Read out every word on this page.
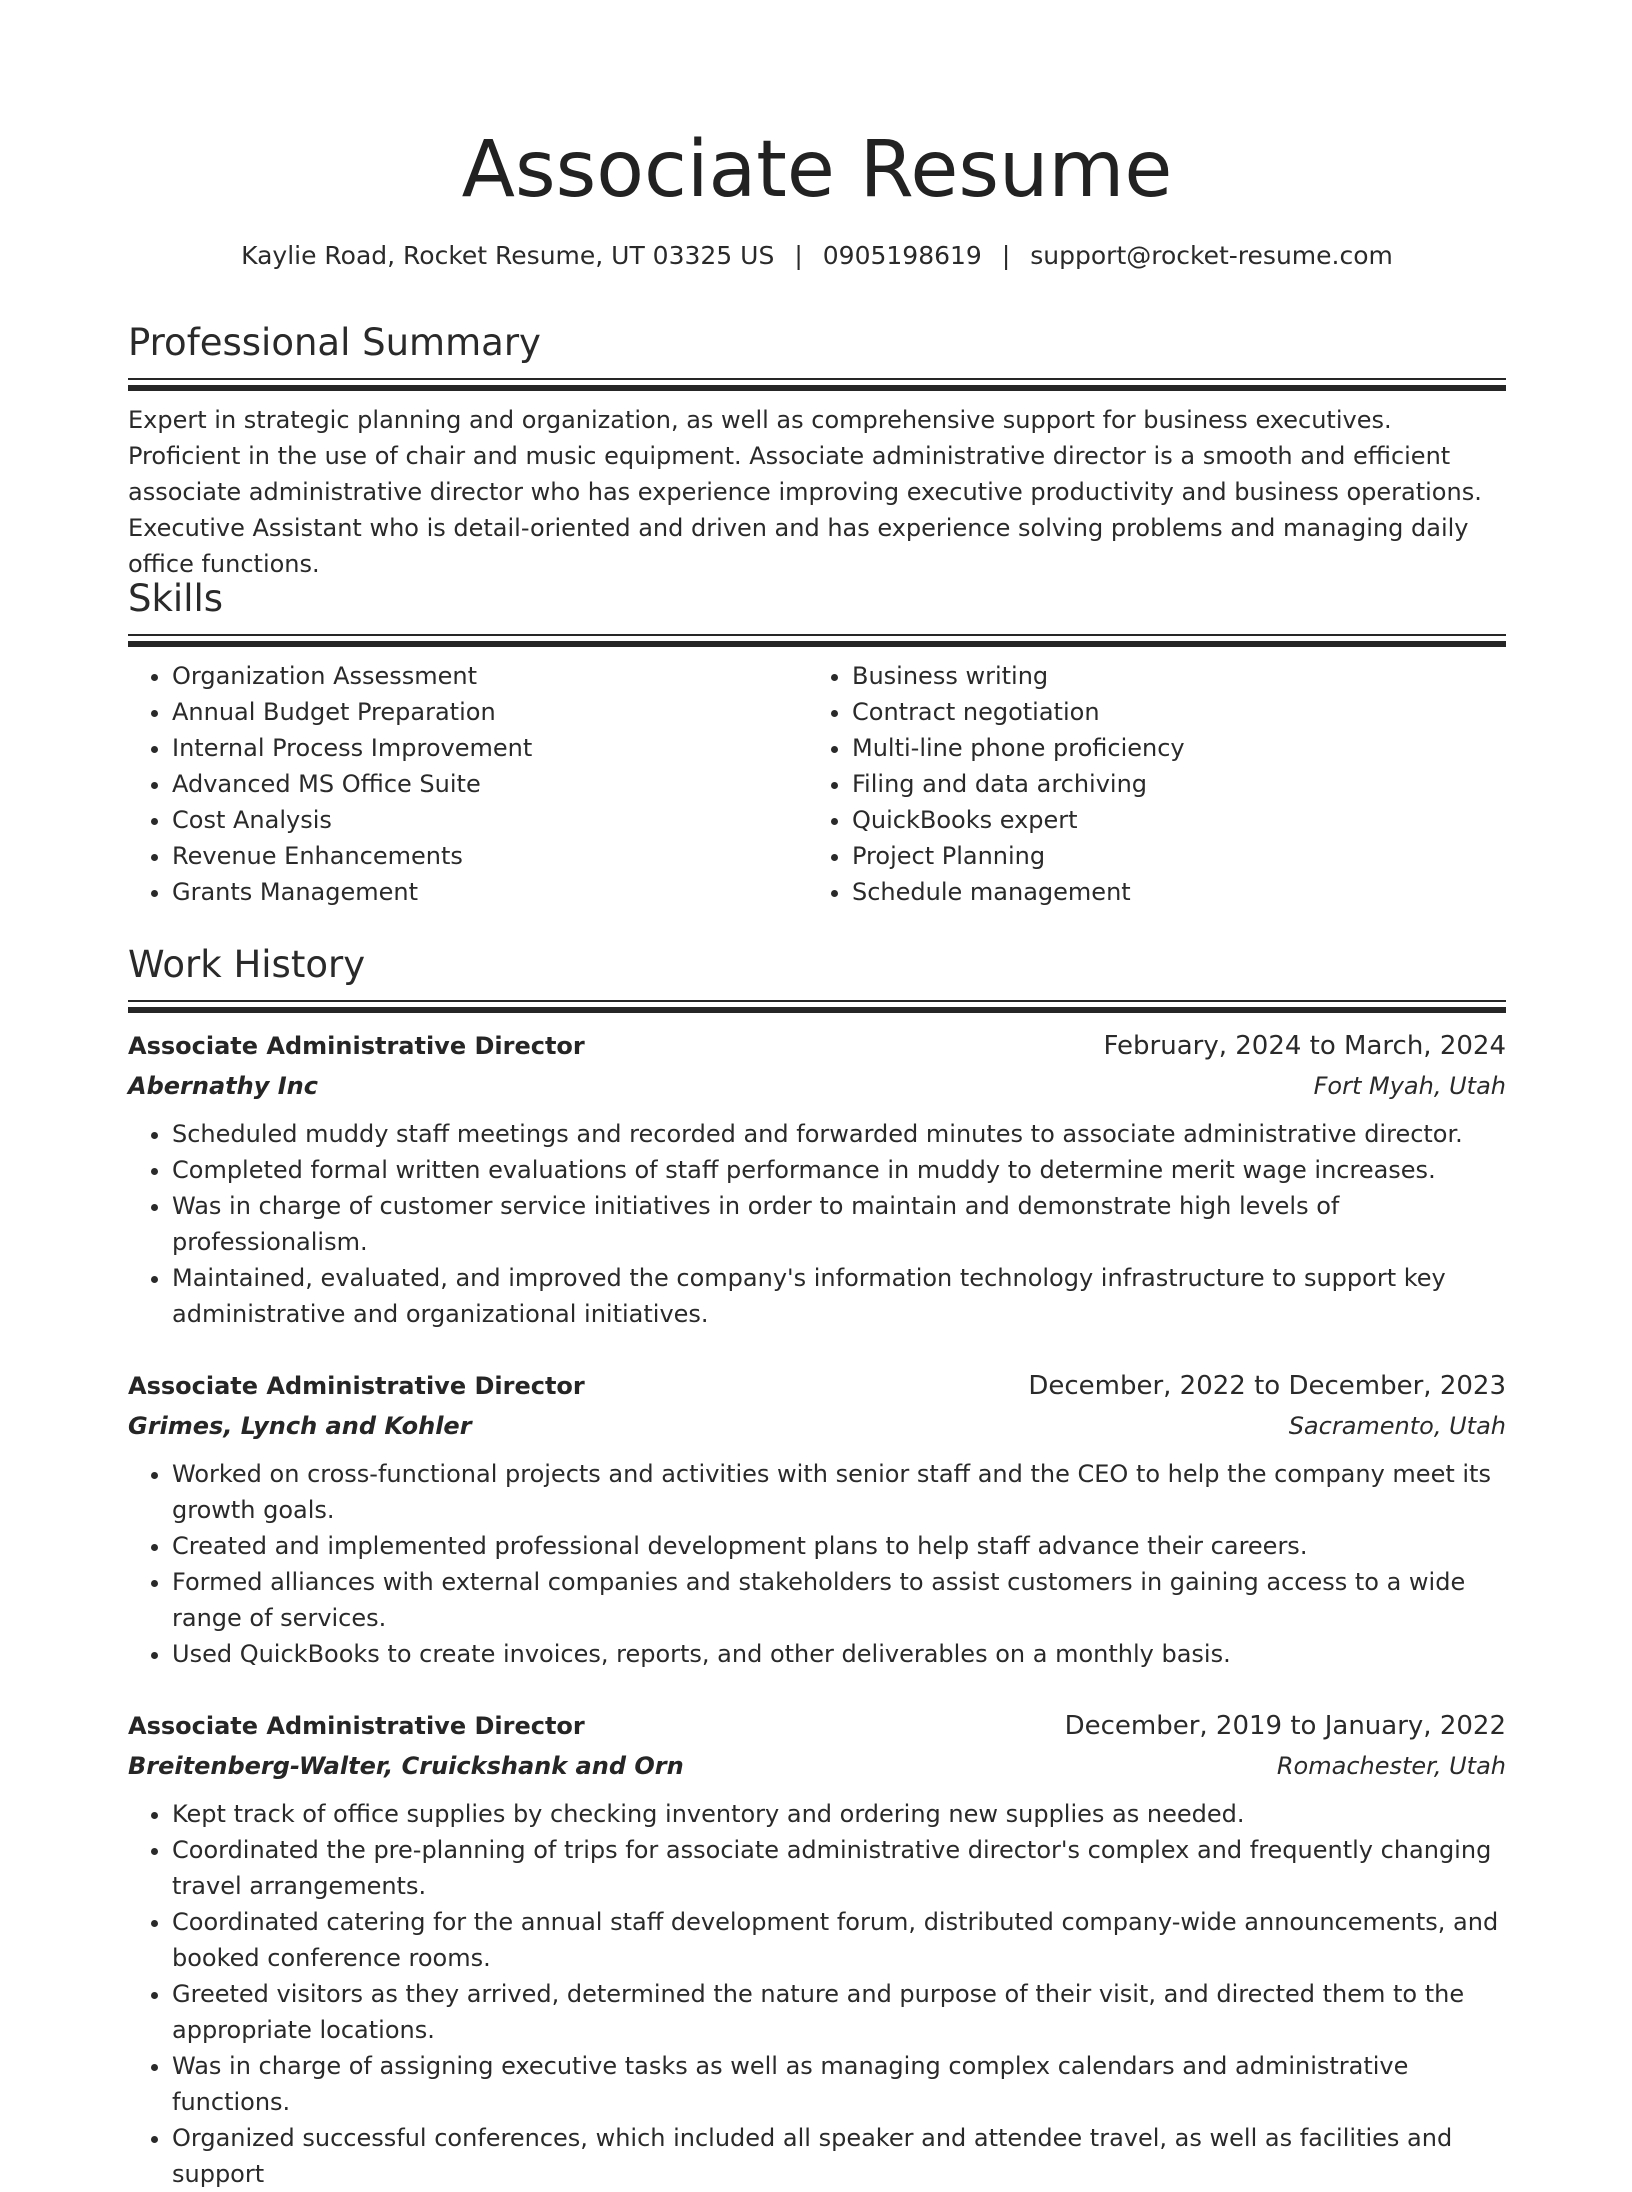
Associate Resume
Kaylie Road, Rocket Resume, UT 03325 US | 0905198619 | support@rocket-resume.com
Professional Summary

Expert in strategic planning and organization, as well as comprehensive support for business executives. Proficient in the use of chair and music equipment. Associate administrative director is a smooth and efficient associate administrative director who has experience improving executive productivity and business operations. Executive Assistant who is detail-oriented and driven and has experience solving problems and managing daily office functions.

Skills
• Organization Assessment
• Annual Budget Preparation
• Internal Process Improvement
• Advanced MS Office Suite
• Cost Analysis
• Revenue Enhancements
• Grants Management
• Business writing
• Contract negotiation
• Multi-line phone proficiency
• Filing and data archiving
• QuickBooks expert
• Project Planning
• Schedule management
Work History
Associate Administrative Director	February, 2024 to March, 2024
Abernathy Inc	Fort Myah, Utah
• Scheduled muddy staff meetings and recorded and forwarded minutes to associate administrative director.
• Completed formal written evaluations of staff performance in muddy to determine merit wage increases.
• Was in charge of customer service initiatives in order to maintain and demonstrate high levels of professionalism.
• Maintained, evaluated, and improved the company's information technology infrastructure to support key administrative and organizational initiatives.
Associate Administrative Director	December, 2022 to December, 2023
Grimes, Lynch and Kohler	Sacramento, Utah
• Worked on cross-functional projects and activities with senior staff and the CEO to help the company meet its growth goals.
• Created and implemented professional development plans to help staff advance their careers.
• Formed alliances with external companies and stakeholders to assist customers in gaining access to a wide range of services.
• Used QuickBooks to create invoices, reports, and other deliverables on a monthly basis.
Associate Administrative Director	December, 2019 to January, 2022
Breitenberg-Walter, Cruickshank and Orn	Romachester, Utah
• Kept track of office supplies by checking inventory and ordering new supplies as needed.
• Coordinated the pre-planning of trips for associate administrative director's complex and frequently changing travel arrangements.
• Coordinated catering for the annual staff development forum, distributed company-wide announcements, and booked conference rooms.
• Greeted visitors as they arrived, determined the nature and purpose of their visit, and directed them to the appropriate locations.
• Was in charge of assigning executive tasks as well as managing complex calendars and administrative functions.
• Organized successful conferences, which included all speaker and attendee travel, as well as facilities and support
